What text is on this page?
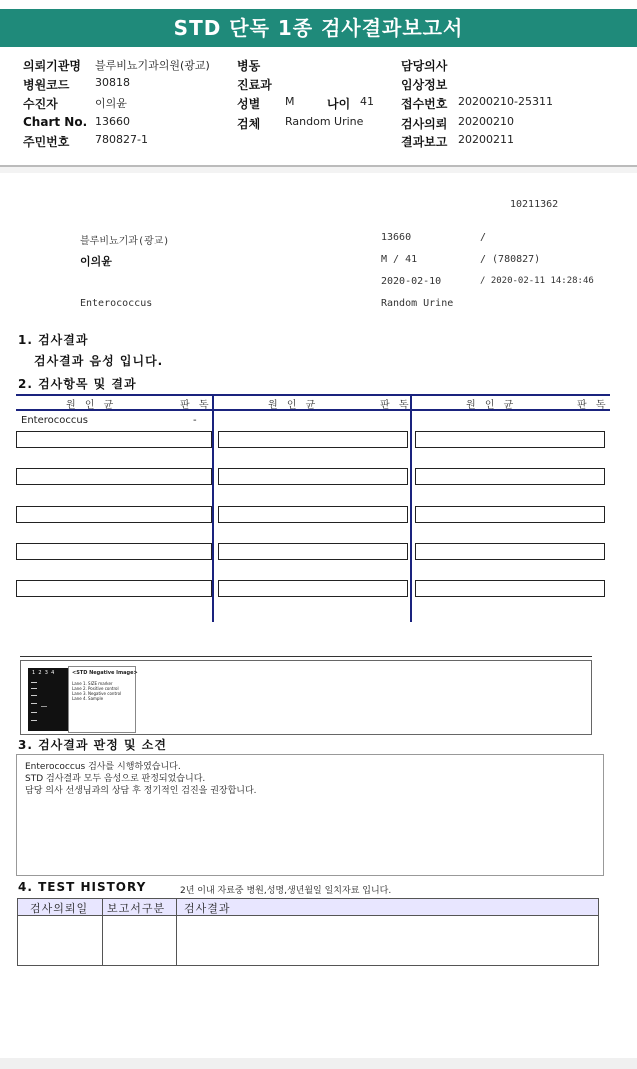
STD 단독 1종 검사결과보고서
의뢰기관명 블루비뇨기과의원(광교)
병원코드 30818
수진자	이의윤
Chart No. 13660
주민번호 780827-1
병동
진료과
성별 M	나이 41
검체 Random Urine
담당의사
임상정보
접수번호 20200210-25311
검사의뢰 20200210
결과보고 20200211
10211362
블루비뇨기과(광교)	13660	/
이의윤	M / 41	/ (780827)
2020-02-10	/ 2020-02-11 14:28:46
Enterococcus	Random Urine
1. 검사결과
검사결과 음성 입니다.
2. 검사항목 및 결과
원 인 균	판 독	원 인 균	판 독	원 인 균	판 독
Enterococcus	-
1  2  3  4	<STD Negative Image>
Lane 1. SIZE marker
Lane 2. Positive control
Lane 3. Negative control
Lane 4. Sample
3. 검사결과 판정 및 소견
Enterococcus 검사를 시행하였습니다.
STD 검사결과 모두 음성으로 판정되었습니다.
담당 의사 선생님과의 상담 후 정기적인 검진을 권장합니다.
4. TEST HISTORY	2년 이내 자료중 병원,성명,생년월일 일치자료 입니다.
검사의뢰일 보고서구분 검사결과
